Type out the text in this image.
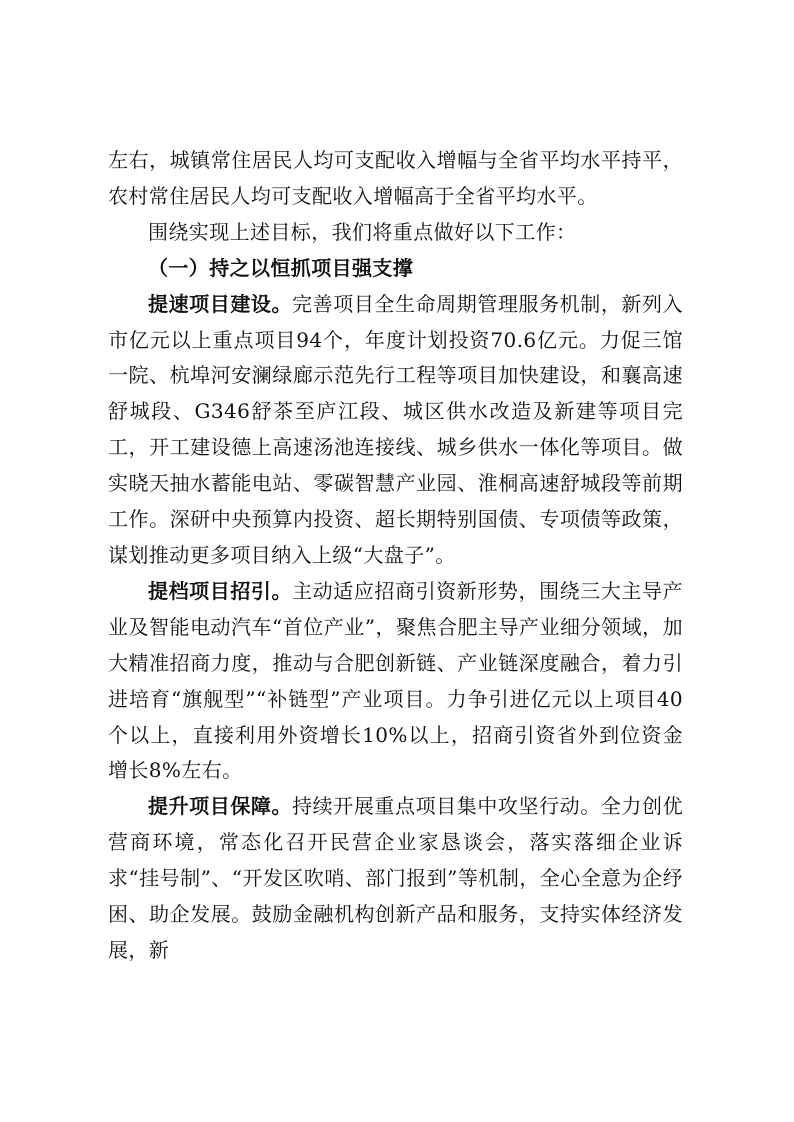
左右，城镇常住居民人均可支配收入增幅与全省平均水平持平，农村常住居民人均可支配收入增幅高于全省平均水平。

围绕实现上述目标，我们将重点做好以下工作：

（一）持之以恒抓项目强支撑

提速项目建设。完善项目全生命周期管理服务机制，新列入市亿元以上重点项目94个，年度计划投资70.6亿元。力促三馆一院、杭埠河安澜绿廊示范先行工程等项目加快建设，和襄高速舒城段、G346舒茶至庐江段、城区供水改造及新建等项目完工，开工建设德上高速汤池连接线、城乡供水一体化等项目。做实晓天抽水蓄能电站、零碳智慧产业园、淮桐高速舒城段等前期工作。深研中央预算内投资、超长期特别国债、专项债等政策，谋划推动更多项目纳入上级“大盘子”。

提档项目招引。主动适应招商引资新形势，围绕三大主导产业及智能电动汽车“首位产业”，聚焦合肥主导产业细分领域，加大精准招商力度，推动与合肥创新链、产业链深度融合，着力引进培育“旗舰型”“补链型”产业项目。力争引进亿元以上项目40个以上，直接利用外资增长10%以上，招商引资省外到位资金增长8%左右。

提升项目保障。持续开展重点项目集中攻坚行动。全力创优营商环境，常态化召开民营企业家恳谈会，落实落细企业诉求“挂号制”、“开发区吹哨、部门报到”等机制，全心全意为企纾困、助企发展。鼓励金融机构创新产品和服务，支持实体经济发展，新
